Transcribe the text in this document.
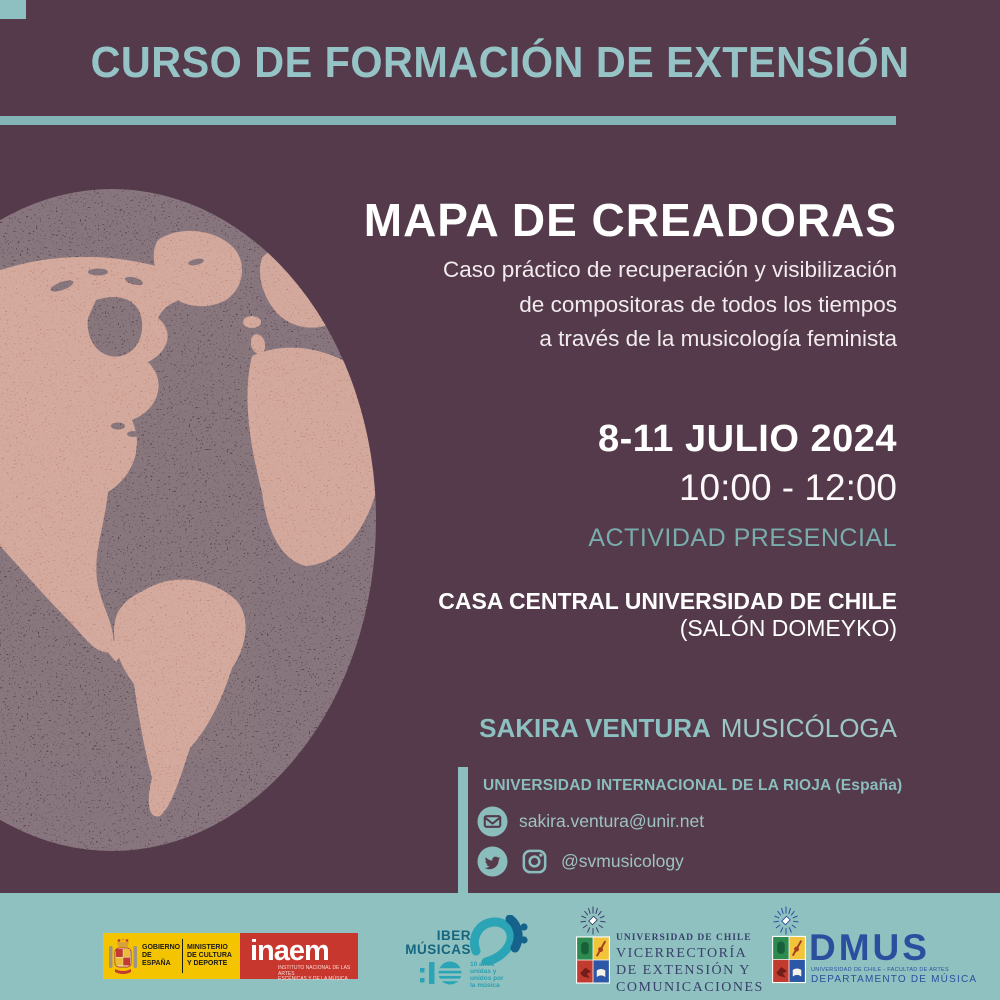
CURSO DE FORMACIÓN DE EXTENSIÓN
MAPA DE CREADORAS
Caso práctico de recuperación y visibilización
de compositoras de todos los tiempos
a través de la musicología feminista
8-11 JULIO 2024
10:00 - 12:00
ACTIVIDAD PRESENCIAL
CASA CENTRAL UNIVERSIDAD DE CHILE
(SALÓN DOMEYKO)
SAKIRA VENTURA MUSICÓLOGA
UNIVERSIDAD INTERNACIONAL DE LA RIOJA (España)
sakira.ventura@unir.net
@svmusicology
GOBIERNO
DE ESPAÑA
MINISTERIO
DE CULTURA
Y DEPORTE inaem
INSTITUTO NACIONAL DE LAS ARTES
ESCÉNICAS Y DE LA MÚSICA
IBER
MÚSICAS
10 años
unidas y
unidos por
la música
UNIVERSIDAD DE CHILE
VICERRECTORÍA
DE EXTENSIÓN Y
COMUNICACIONES
DMUS
UNIVERSIDAD DE CHILE - FACULTAD DE ARTES
DEPARTAMENTO DE MÚSICA
